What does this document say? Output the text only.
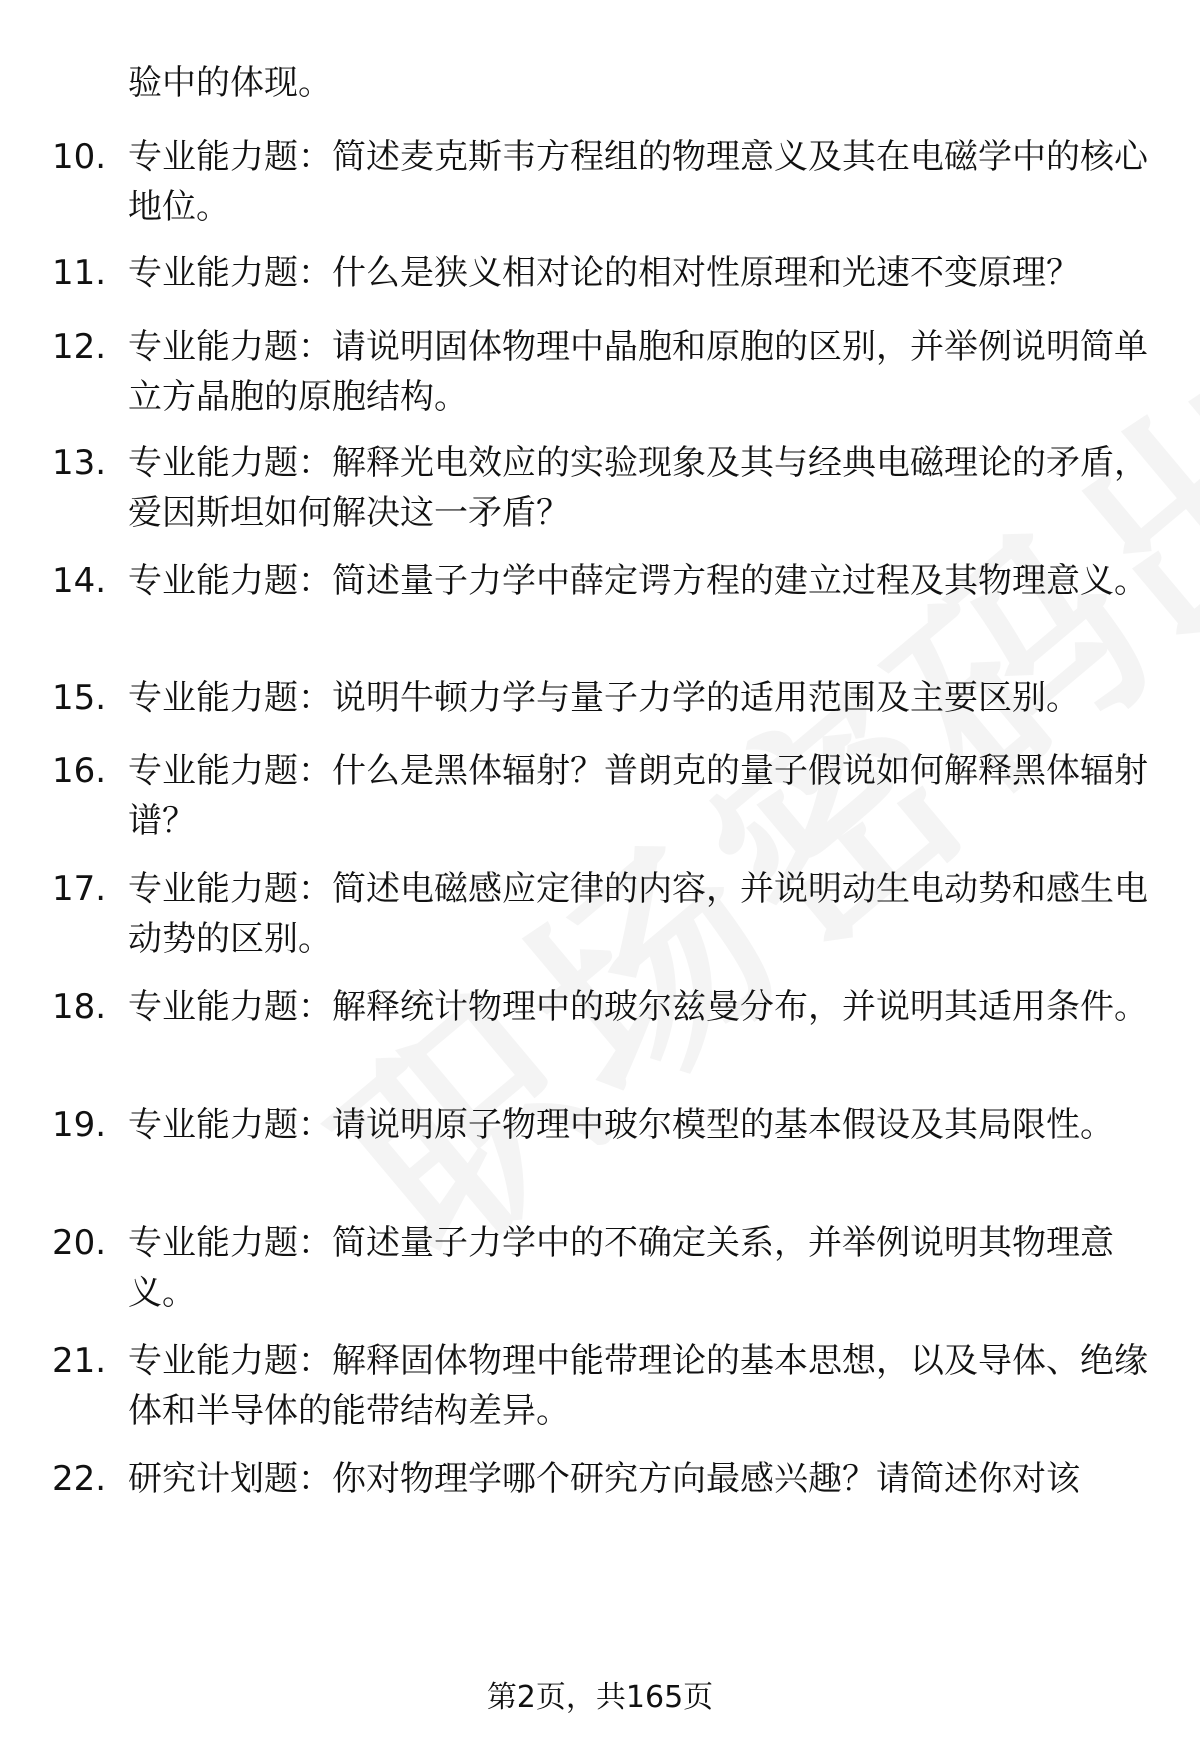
验中的体现。
10. 专业能力题：简述麦克斯韦方程组的物理意义及其在电磁学中的核心地位。
11. 专业能力题：什么是狭义相对论的相对性原理和光速不变原理？
12. 专业能力题：请说明固体物理中晶胞和原胞的区别，并举例说明简单立方晶胞的原胞结构。
13. 专业能力题：解释光电效应的实验现象及其与经典电磁理论的矛盾，爱因斯坦如何解决这一矛盾？
14. 专业能力题：简述量子力学中薛定谔方程的建立过程及其物理意义。
15. 专业能力题：说明牛顿力学与量子力学的适用范围及主要区别。
16. 专业能力题：什么是黑体辐射？普朗克的量子假说如何解释黑体辐射谱？
17. 专业能力题：简述电磁感应定律的内容，并说明动生电动势和感生电动势的区别。
18. 专业能力题：解释统计物理中的玻尔兹曼分布，并说明其适用条件。
19. 专业能力题：请说明原子物理中玻尔模型的基本假设及其局限性。
20. 专业能力题：简述量子力学中的不确定关系，并举例说明其物理意义。
21. 专业能力题：解释固体物理中能带理论的基本思想，以及导体、绝缘体和半导体的能带结构差异。
22. 研究计划题：你对物理学哪个研究方向最感兴趣？请简述你对该
第2页，共165页
